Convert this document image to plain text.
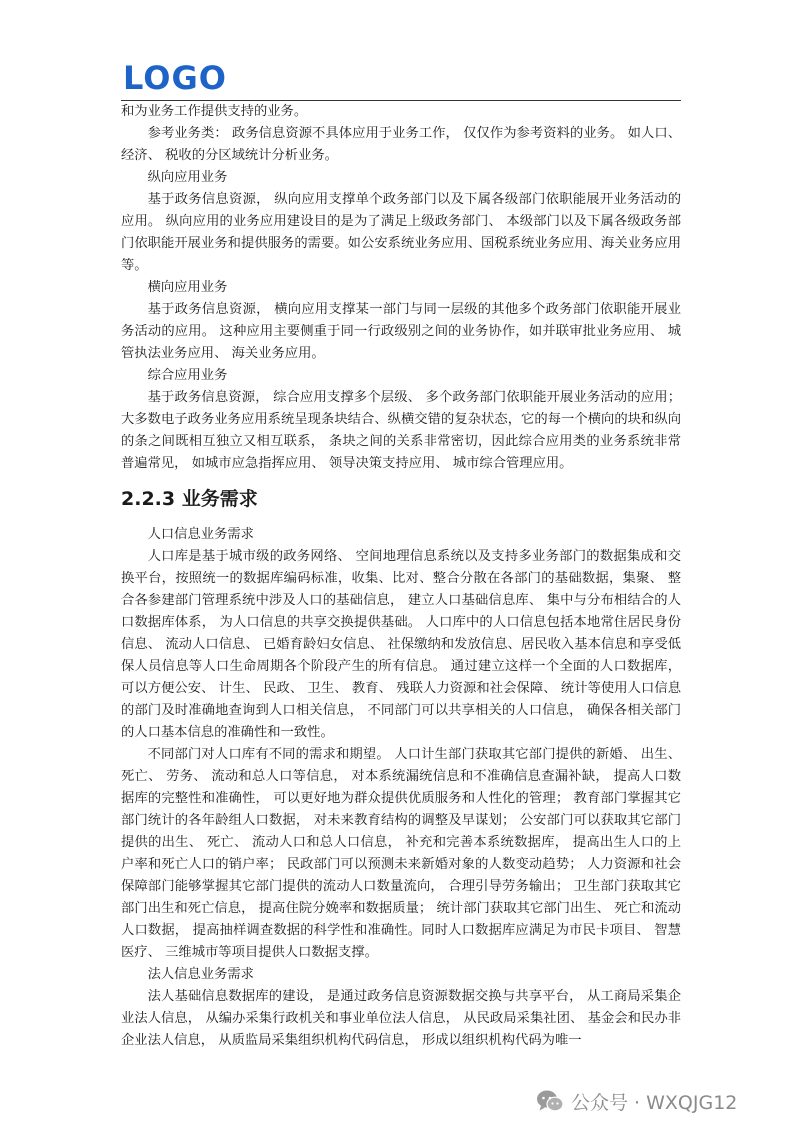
LOGO

和为业务工作提供支持的业务。

参考业务类： 政务信息资源不具体应用于业务工作， 仅仅作为参考资料的业务。 如人口、 经济、 税收的分区域统计分析业务。

纵向应用业务

基于政务信息资源， 纵向应用支撑单个政务部门以及下属各级部门依职能展开业务活动的应用。 纵向应用的业务应用建设目的是为了满足上级政务部门、 本级部门以及下属各级政务部门依职能开展业务和提供服务的需要。如公安系统业务应用、国税系统业务应用、海关业务应用等。

横向应用业务

基于政务信息资源， 横向应用支撑某一部门与同一层级的其他多个政务部门依职能开展业务活动的应用。 这种应用主要侧重于同一行政级别之间的业务协作，如并联审批业务应用、 城管执法业务应用、 海关业务应用。

综合应用业务

基于政务信息资源， 综合应用支撑多个层级、 多个政务部门依职能开展业务活动的应用； 大多数电子政务业务应用系统呈现条块结合、纵横交错的复杂状态，它的每一个横向的块和纵向的条之间既相互独立又相互联系， 条块之间的关系非常密切，因此综合应用类的业务系统非常普遍常见， 如城市应急指挥应用、 领导决策支持应用、 城市综合管理应用。

2.2.3 业务需求

人口信息业务需求

人口库是基于城市级的政务网络、 空间地理信息系统以及支持多业务部门的数据集成和交换平台，按照统一的数据库编码标准，收集、比对、整合分散在各部门的基础数据，集聚、 整合各参建部门管理系统中涉及人口的基础信息， 建立人口基础信息库、 集中与分布相结合的人口数据库体系， 为人口信息的共享交换提供基础。 人口库中的人口信息包括本地常住居民身份信息、 流动人口信息、 已婚育龄妇女信息、 社保缴纳和发放信息、居民收入基本信息和享受低保人员信息等人口生命周期各个阶段产生的所有信息。 通过建立这样一个全面的人口数据库，可以方便公安、 计生、 民政、 卫生、 教育、 残联人力资源和社会保障、 统计等使用人口信息的部门及时准确地查询到人口相关信息， 不同部门可以共享相关的人口信息， 确保各相关部门的人口基本信息的准确性和一致性。

不同部门对人口库有不同的需求和期望。 人口计生部门获取其它部门提供的新婚、 出生、 死亡、 劳务、 流动和总人口等信息， 对本系统漏统信息和不准确信息查漏补缺， 提高人口数据库的完整性和准确性， 可以更好地为群众提供优质服务和人性化的管理； 教育部门掌握其它部门统计的各年龄组人口数据， 对未来教育结构的调整及早谋划； 公安部门可以获取其它部门提供的出生、 死亡、 流动人口和总人口信息， 补充和完善本系统数据库， 提高出生人口的上户率和死亡人口的销户率； 民政部门可以预测未来新婚对象的人数变动趋势； 人力资源和社会保障部门能够掌握其它部门提供的流动人口数量流向， 合理引导劳务输出； 卫生部门获取其它部门出生和死亡信息， 提高住院分娩率和数据质量； 统计部门获取其它部门出生、 死亡和流动人口数据， 提高抽样调查数据的科学性和准确性。同时人口数据库应满足为市民卡项目、 智慧医疗、 三维城市等项目提供人口数据支撑。

法人信息业务需求

法人基础信息数据库的建设， 是通过政务信息资源数据交换与共享平台， 从工商局采集企业法人信息， 从编办采集行政机关和事业单位法人信息， 从民政局采集社团、 基金会和民办非企业法人信息， 从质监局采集组织机构代码信息， 形成以组织机构代码为唯一

公众号 · WXQJG12
